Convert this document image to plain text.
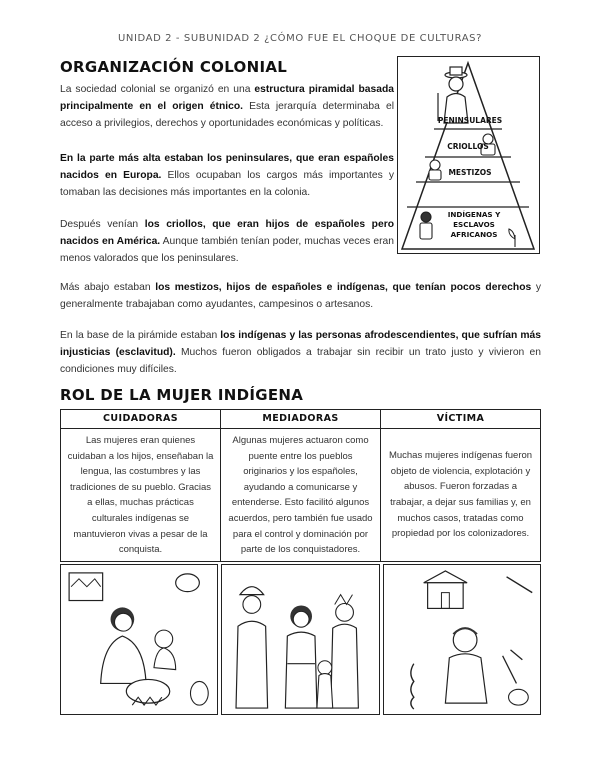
UNIDAD 2 - SUBUNIDAD 2 ¿CÓMO FUE EL CHOQUE DE CULTURAS?
ORGANIZACIÓN COLONIAL

La sociedad colonial se organizó en una estructura piramidal basada principalmente en el origen étnico. Esta jerarquía determinaba el acceso a privilegios, derechos y oportunidades económicas y políticas.

En la parte más alta estaban los peninsulares, que eran españoles nacidos en Europa. Ellos ocupaban los cargos más importantes y tomaban las decisiones más importantes en la colonia.

Después venían los criollos, que eran hijos de españoles pero nacidos en América. Aunque también tenían poder, muchas veces eran menos valorados que los peninsulares.

Más abajo estaban los mestizos, hijos de españoles e indígenas, que tenían pocos derechos y generalmente trabajaban como ayudantes, campesinos o artesanos.

En la base de la pirámide estaban los indígenas y las personas afrodescendientes, que sufrían más injusticias (esclavitud). Muchos fueron obligados a trabajar sin recibir un trato justo y vivieron en condiciones muy difíciles.

PENINSULARES
CRIOLLOS
MESTIZOS
INDÍGENAS Y
ESCLAVOS
AFRICANOS
ROL DE LA MUJER INDÍGENA
CUIDADORAS
Las mujeres eran quienes cuidaban a los hijos, enseñaban la lengua, las costumbres y las tradiciones de su pueblo. Gracias a ellas, muchas prácticas culturales indígenas se mantuvieron vivas a pesar de la conquista.
MEDIADORAS
Algunas mujeres actuaron como puente entre los pueblos originarios y los españoles, ayudando a comunicarse y entenderse. Esto facilitó algunos acuerdos, pero también fue usado para el control y dominación por parte de los conquistadores.
VÍCTIMA
Muchas mujeres indígenas fueron objeto de violencia, explotación y abusos. Fueron forzadas a trabajar, a dejar sus familias y, en muchos casos, tratadas como propiedad por los colonizadores.
